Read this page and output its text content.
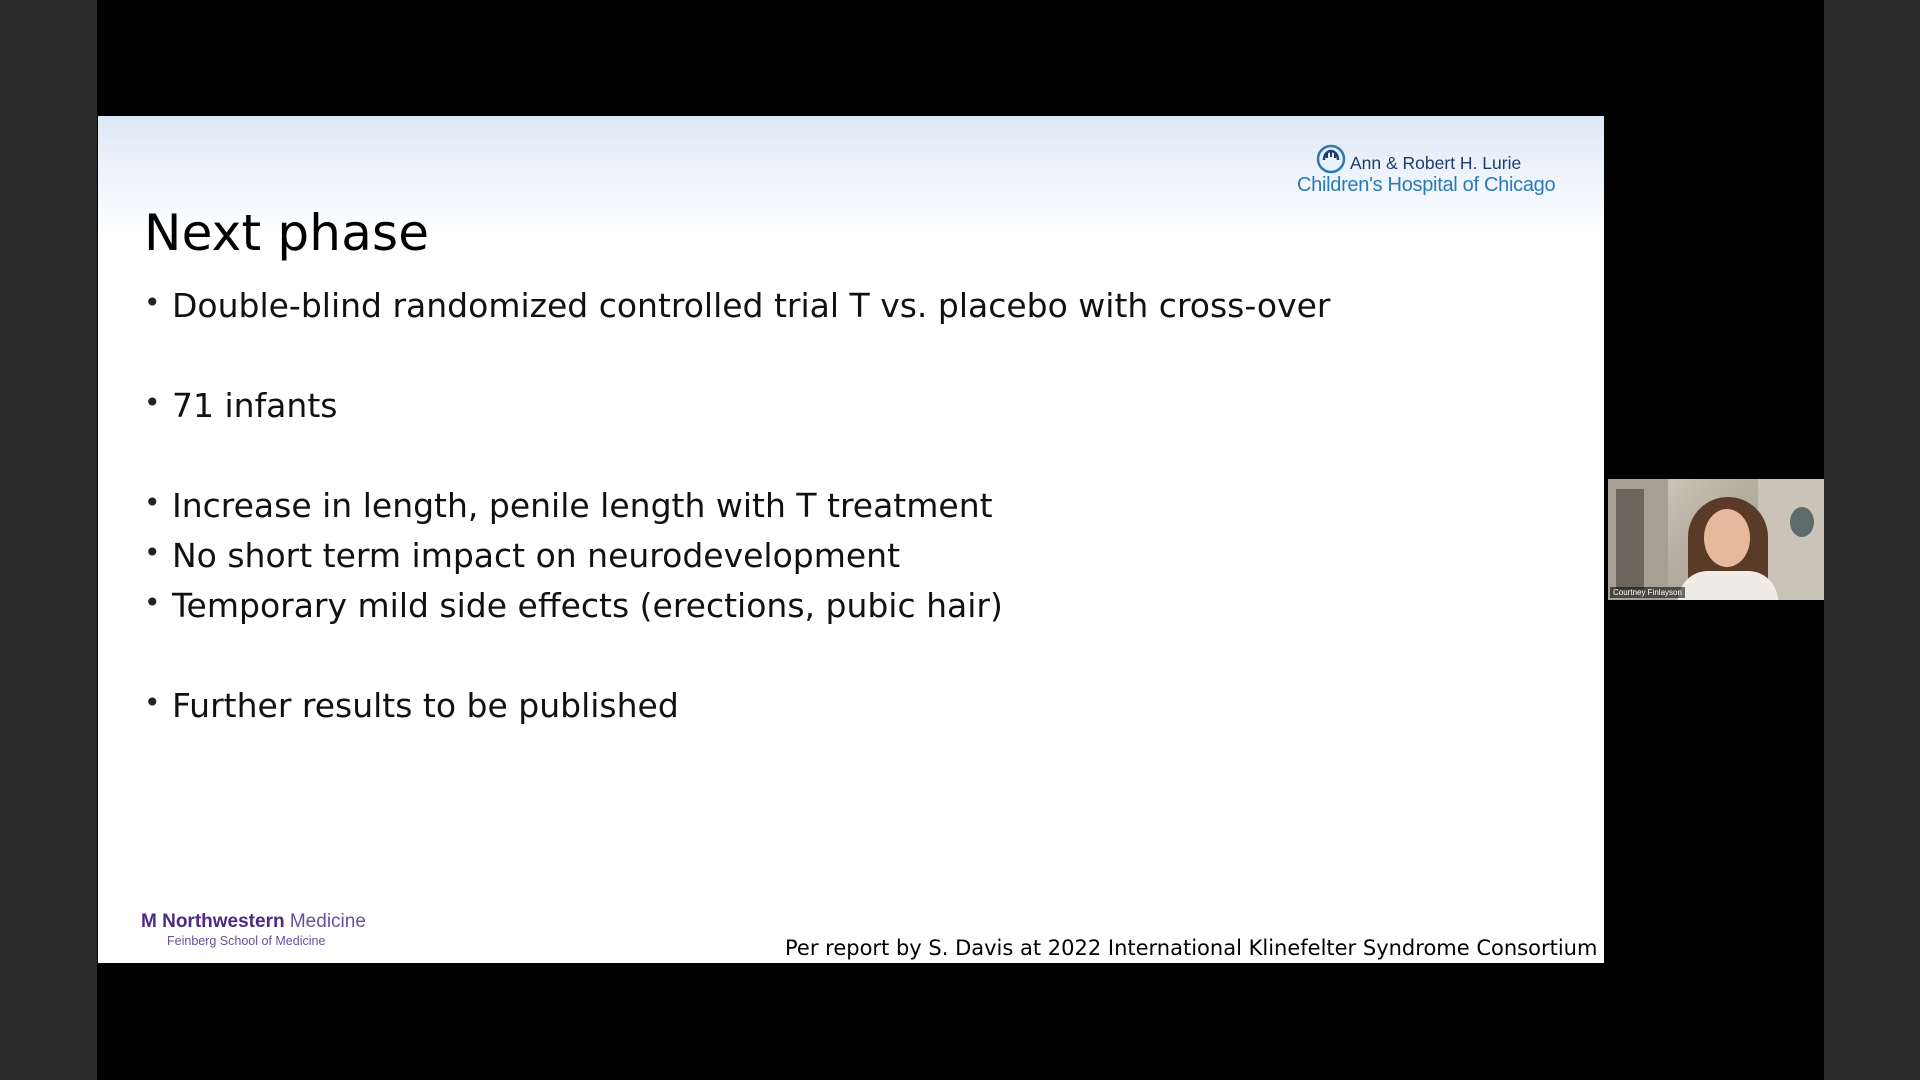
Ann & Robert H. Lurie
Children's Hospital of Chicago
Next phase
• Double-blind randomized controlled trial T vs. placebo with cross-over
• 71 infants
• Increase in length, penile length with T treatment
• No short term impact on neurodevelopment
• Temporary mild side effects (erections, pubic hair)
• Further results to be published
M Northwestern Medicine
Feinberg School of Medicine	Per report by S. Davis at 2022 International Klinefelter Syndrome Consortium
Courtney Finlayson
